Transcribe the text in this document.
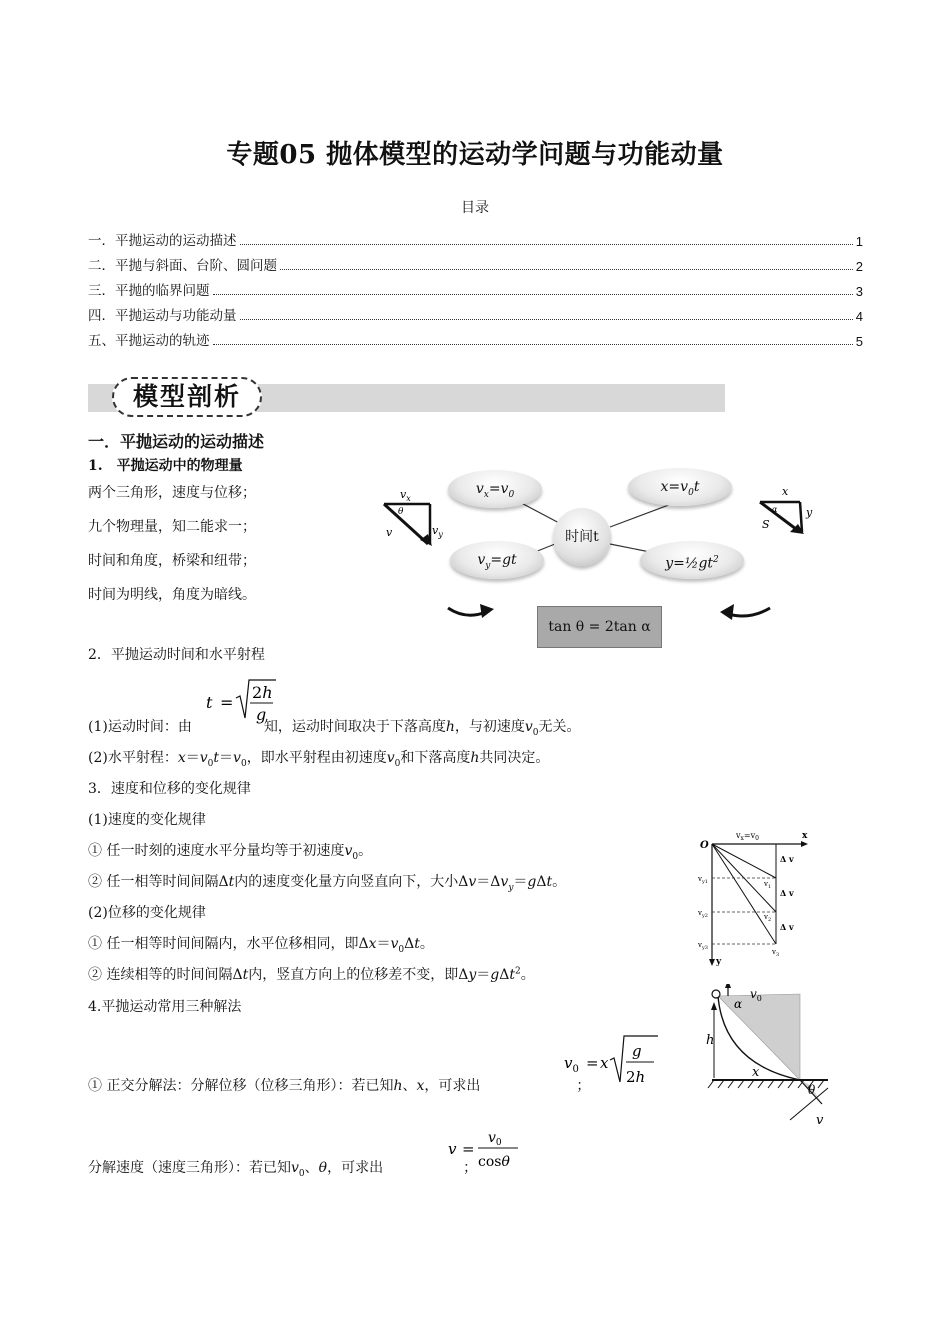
专题05 抛体模型的运动学问题与功能动量
目录
一．平抛运动的运动描述	1
二．平抛与斜面、台阶、圆问题	2
三．平抛的临界问题	3
四．平抛运动与功能动量	4
五、平抛运动的轨迹	5
模型剖析
一．平抛运动的运动描述
1.　平抛运动中的物理量
两个三角形，速度与位移；
九个物理量，知二能求一；
时间和角度，桥梁和纽带；
时间为明线，角度为暗线。
$v_x$
θ
v	$v_y$
x
α
S
y
$v_x=v_0$	$x=v_0t$
$v_y=gt$	$y=\frac{1}{2}gt^2$
时间t
tan θ = 2tan α
2．平抛运动时间和水平射程
t =
2h
g
(1)运动时间：由	知，运动时间取决于下落高度h，与初速度$v_0$无关。
(2)水平射程：$x=v_0t=v_0$，即水平射程由初速度$v_0$和下落高度h共同决定。
3．速度和位移的变化规律
(1)速度的变化规律
① 任一时刻的速度水平分量均等于初速度$v_0$。
② 任一相等时间间隔Δt内的速度变化量方向竖直向下，大小$\Delta v=\Delta v_y=g\Delta t$。
(2)位移的变化规律
① 任一相等时间间隔内，水平位移相同，即$\Delta x=v_0\Delta t$。
② 连续相等的时间间隔Δt内，竖直方向上的位移差不变，即Δy＝gΔt$^2$。
O
x
$v_x=v_0$
y
Δ v
Δ v
Δ v
$v_1$
$v_2$
$v_3$
$v_{y1}$
$v_{y2}$
$v_{y3}$
4.平抛运动常用三种解法
$v_0 = x$
g
2h
① 正交分解法：分解位移（位移三角形）：若已知h、x，可求出	；
$v_0$
α
h
x
θ
v
v =
$v_0$
cosθ
分解速度（速度三角形）：若已知$v_0$、θ，可求出	；
